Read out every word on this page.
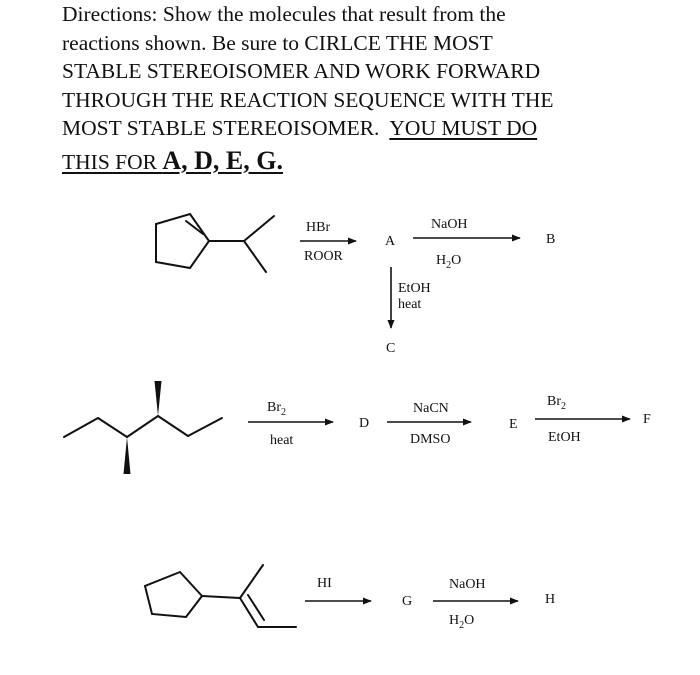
Directions: Show the molecules that result from the
reactions shown. Be sure to CIRLCE THE MOST
STABLE STEREOISOMER AND WORK FORWARD
THROUGH THE REACTION SEQUENCE WITH THE
MOST STABLE STEREOISOMER.  YOU MUST DO
THIS FOR A, D, E, G.
HBr
ROOR
A
NaOH
$H_2O$
B
EtOH
heat
C
$Br_2$
heat
D
NaCN
DMSO
E
$Br_2$
EtOH
F
HI
G
NaOH
$H_2O$
H
